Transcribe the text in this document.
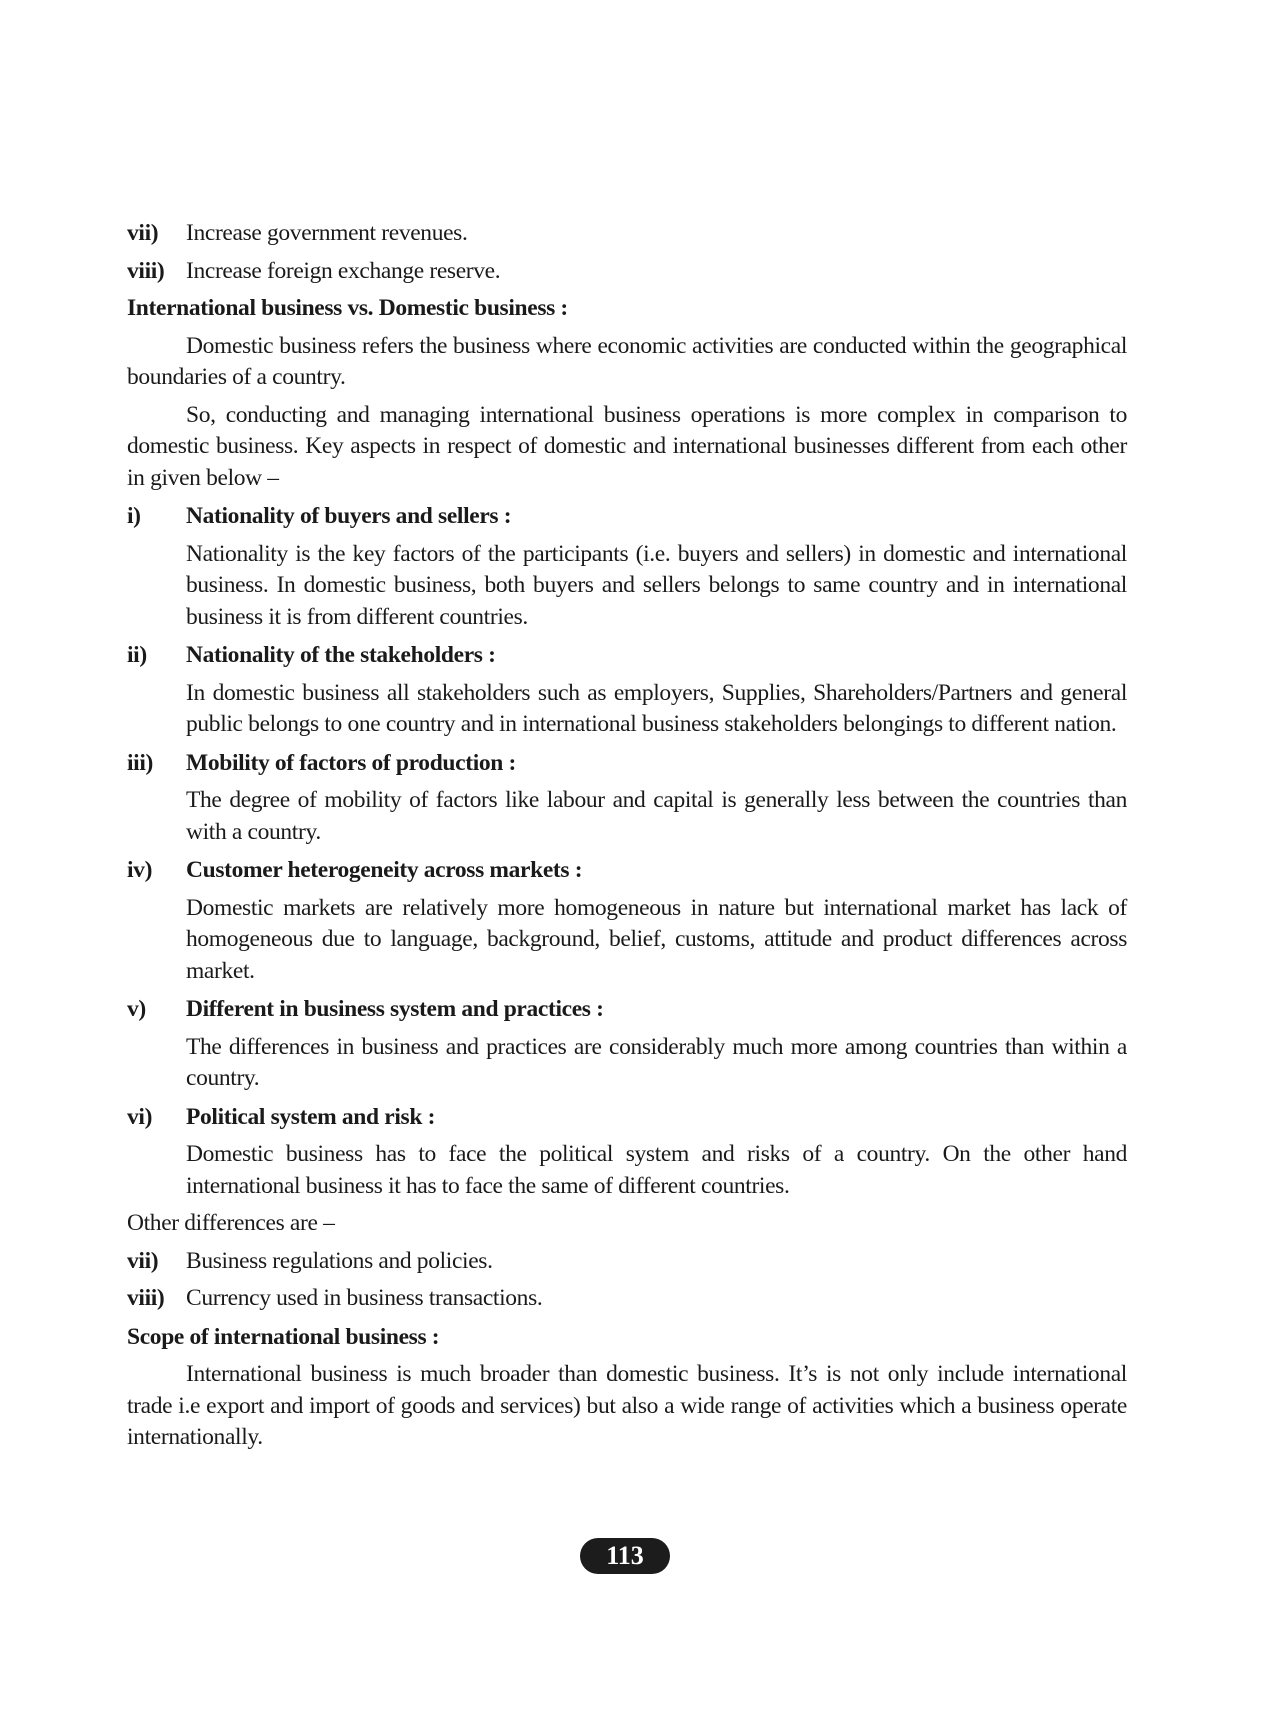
vii)	Increase government revenues.
viii) Increase foreign exchange reserve.
International business vs. Domestic business :
Domestic business refers the business where economic activities are conducted within the geographical boundaries of a country.
So, conducting and managing international business operations is more complex in comparison to domestic business. Key aspects in respect of domestic and international businesses different from each other in given below –
i)	Nationality of buyers and sellers :
Nationality is the key factors of the participants (i.e. buyers and sellers) in domestic and international business. In domestic business, both buyers and sellers belongs to same country and in international business it is from different countries.
ii)	Nationality of the stakeholders :
In domestic business all stakeholders such as employers, Supplies, Shareholders/Partners and general public belongs to one country and in international business stakeholders belongings to different nation.
iii)	Mobility of factors of production :
The degree of mobility of factors like labour and capital is generally less between the countries than with a country.
iv)	Customer heterogeneity across markets :
Domestic markets are relatively more homogeneous in nature but international market has lack of homogeneous due to language, background, belief, customs, attitude and product differences across market.
v)	Different in business system and practices :
The differences in business and practices are considerably much more among countries than within a country.
vi)	Political system and risk :
Domestic business has to face the political system and risks of a country. On the other hand international business it has to face the same of different countries.
Other differences are –
vii)	Business regulations and policies.
viii) Currency used in business transactions.
Scope of international business :
International business is much broader than domestic business. It’s is not only include international trade i.e export and import of goods and services) but also a wide range of activities which a business operate internationally.
113
